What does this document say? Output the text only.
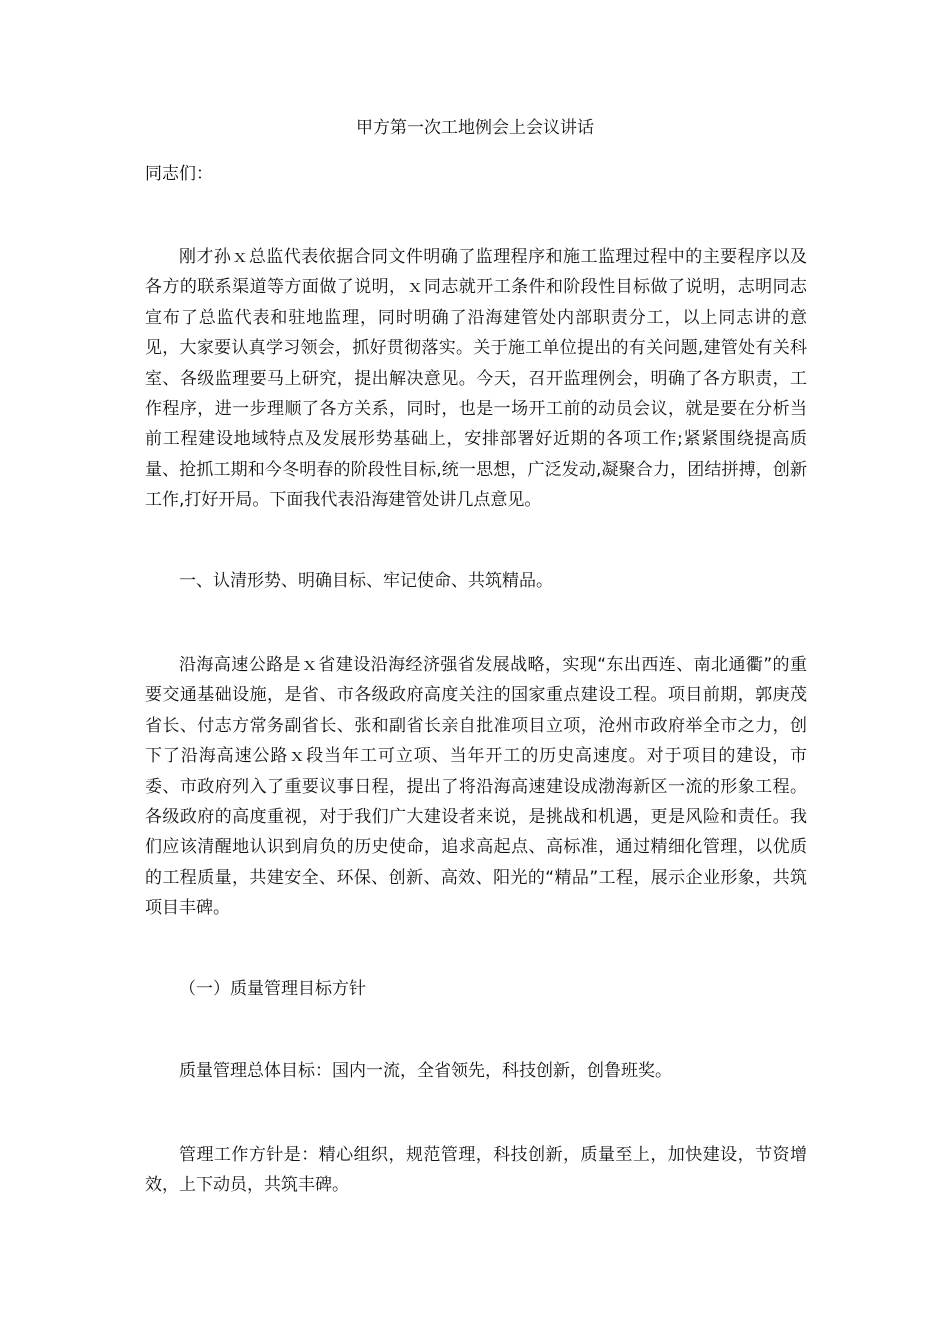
甲方第一次工地例会上会议讲话
同志们：

刚才孙ｘ总监代表依据合同文件明确了监理程序和施工监理过程中的主要程序以及各方的联系渠道等方面做了说明，ｘ同志就开工条件和阶段性目标做了说明，志明同志宣布了总监代表和驻地监理，同时明确了沿海建管处内部职责分工，以上同志讲的意见，大家要认真学习领会，抓好贯彻落实。关于施工单位提出的有关问题,建管处有关科室、各级监理要马上研究，提出解决意见。今天，召开监理例会，明确了各方职责，工作程序，进一步理顺了各方关系，同时，也是一场开工前的动员会议，就是要在分析当前工程建设地域特点及发展形势基础上，安排部署好近期的各项工作;紧紧围绕提高质量、抢抓工期和今冬明春的阶段性目标,统一思想，广泛发动,凝聚合力，团结拼搏，创新工作,打好开局。下面我代表沿海建管处讲几点意见。

一、认清形势、明确目标、牢记使命、共筑精品。

沿海高速公路是ｘ省建设沿海经济强省发展战略，实现“东出西连、南北通衢”的重要交通基础设施，是省、市各级政府高度关注的国家重点建设工程。项目前期，郭庚茂省长、付志方常务副省长、张和副省长亲自批准项目立项，沧州市政府举全市之力，创下了沿海高速公路ｘ段当年工可立项、当年开工的历史高速度。对于项目的建设，市委、市政府列入了重要议事日程，提出了将沿海高速建设成渤海新区一流的形象工程。各级政府的高度重视，对于我们广大建设者来说，是挑战和机遇，更是风险和责任。我们应该清醒地认识到肩负的历史使命，追求高起点、高标准，通过精细化管理，以优质的工程质量，共建安全、环保、创新、高效、阳光的“精品”工程，展示企业形象，共筑项目丰碑。

（一）质量管理目标方针

质量管理总体目标：国内一流，全省领先，科技创新，创鲁班奖。

管理工作方针是：精心组织，规范管理，科技创新，质量至上，加快建设，节资增效，上下动员，共筑丰碑。
